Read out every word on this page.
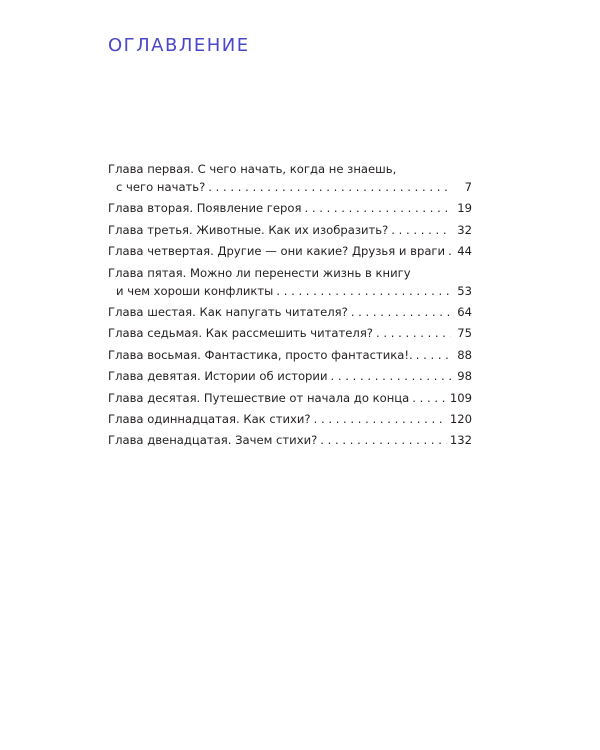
ОГЛАВЛЕНИЕ
Глава первая. С чего начать, когда не знаешь,
с чего начать? . . .	7
Глава вторая. Появление героя . . .	19
Глава третья. Животные. Как их изобразить? . . .	32
Глава четвертая. Другие — они какие? Друзья и враги . . . 44
Глава пятая. Можно ли перенести жизнь в книгу
и чем хороши конфликты . . .	53
Глава шестая. Как напугать читателя? . . .	64
Глава седьмая. Как рассмешить читателя? . . .	75
Глава восьмая. Фантастика, просто фантастика!. . . .	88
Глава девятая. Истории об истории . . .	98
Глава десятая. Путешествие от начала до конца . . .	109
Глава одиннадцатая. Как стихи? . . .	120
Глава двенадцатая. Зачем стихи? . . .	132
